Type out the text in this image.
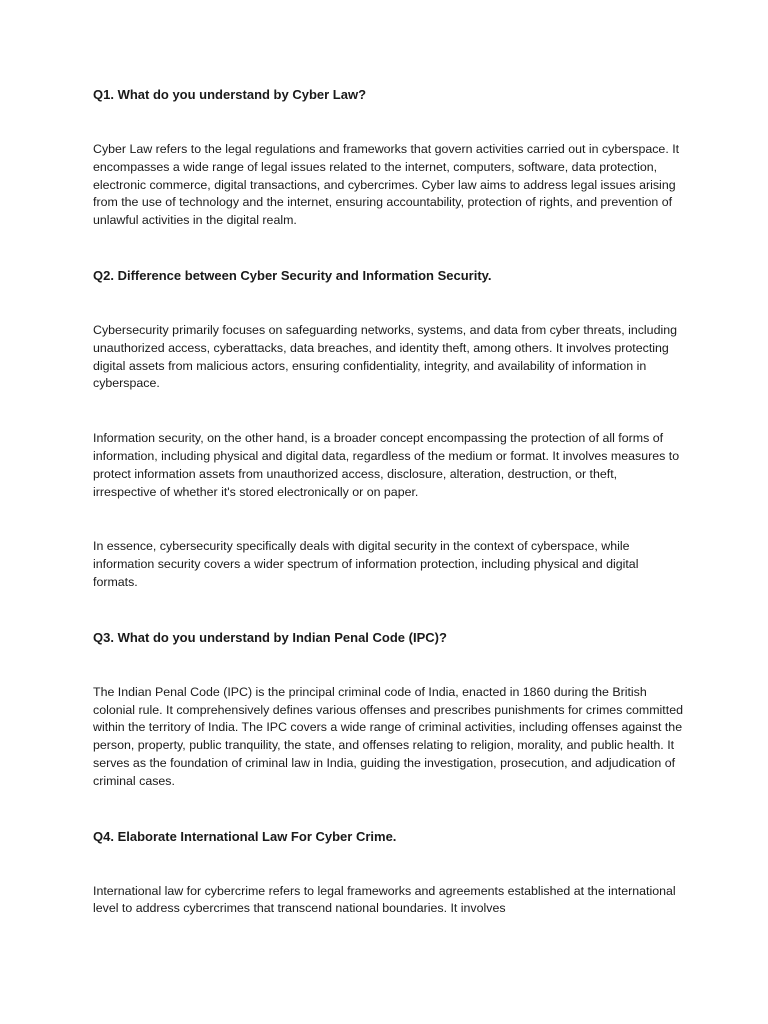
Q1. What do you understand by Cyber Law?

Cyber Law refers to the legal regulations and frameworks that govern activities carried out in cyberspace. It encompasses a wide range of legal issues related to the internet, computers, software, data protection, electronic commerce, digital transactions, and cybercrimes. Cyber law aims to address legal issues arising from the use of technology and the internet, ensuring accountability, protection of rights, and prevention of unlawful activities in the digital realm.

Q2. Difference between Cyber Security and Information Security.

Cybersecurity primarily focuses on safeguarding networks, systems, and data from cyber threats, including unauthorized access, cyberattacks, data breaches, and identity theft, among others. It involves protecting digital assets from malicious actors, ensuring confidentiality, integrity, and availability of information in cyberspace.

Information security, on the other hand, is a broader concept encompassing the protection of all forms of information, including physical and digital data, regardless of the medium or format. It involves measures to protect information assets from unauthorized access, disclosure, alteration, destruction, or theft, irrespective of whether it's stored electronically or on paper.

In essence, cybersecurity specifically deals with digital security in the context of cyberspace, while information security covers a wider spectrum of information protection, including physical and digital formats.

Q3. What do you understand by Indian Penal Code (IPC)?

The Indian Penal Code (IPC) is the principal criminal code of India, enacted in 1860 during the British colonial rule. It comprehensively defines various offenses and prescribes punishments for crimes committed within the territory of India. The IPC covers a wide range of criminal activities, including offenses against the person, property, public tranquility, the state, and offenses relating to religion, morality, and public health. It serves as the foundation of criminal law in India, guiding the investigation, prosecution, and adjudication of criminal cases.

Q4. Elaborate International Law For Cyber Crime.

International law for cybercrime refers to legal frameworks and agreements established at the international level to address cybercrimes that transcend national boundaries. It involves
